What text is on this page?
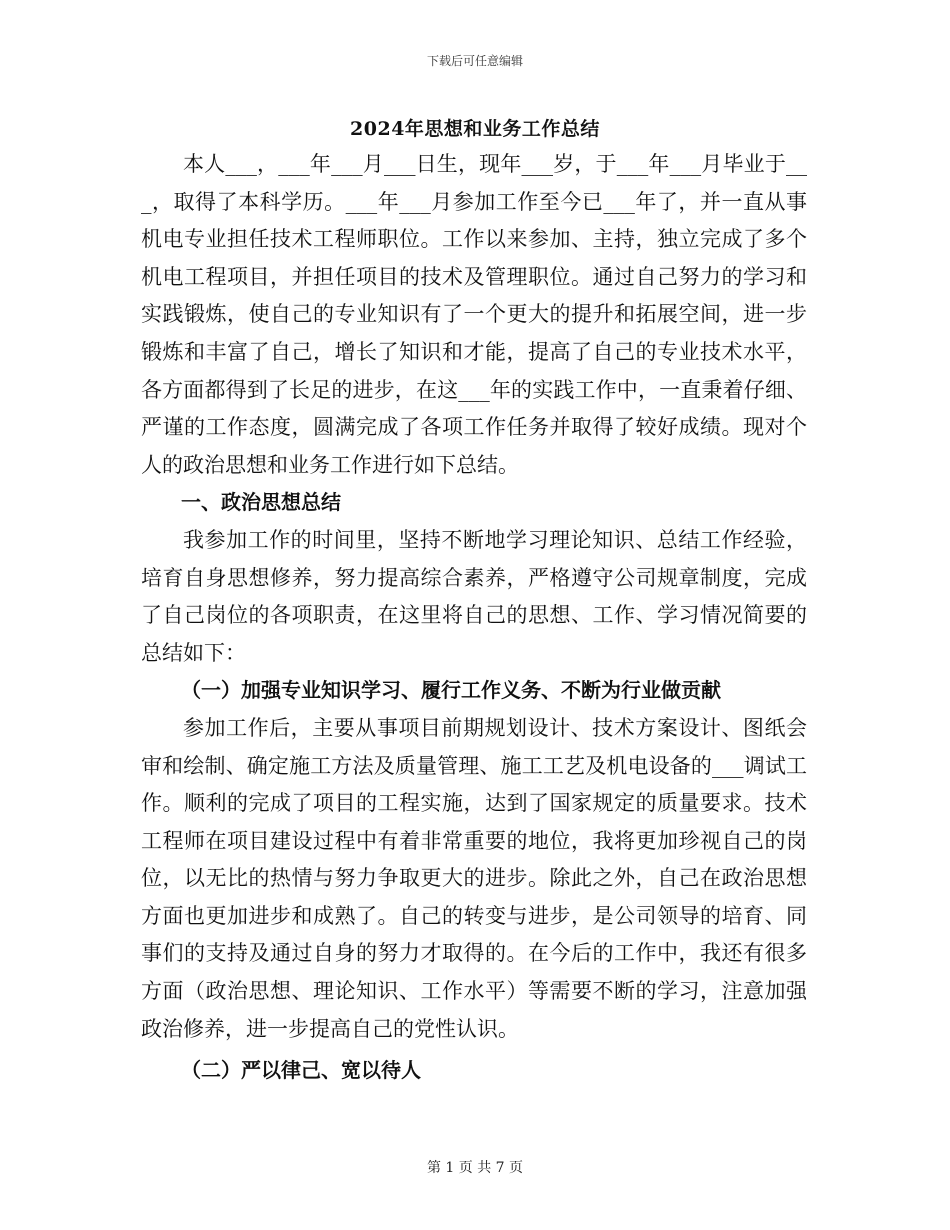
下载后可任意编辑
2024年思想和业务工作总结

本人___，___年___月___日生，现年___岁，于___年___月毕业于___，取得了本科学历。___年___月参加工作至今已___年了，并一直从事机电专业担任技术工程师职位。工作以来参加、主持，独立完成了多个机电工程项目，并担任项目的技术及管理职位。通过自己努力的学习和实践锻炼，使自己的专业知识有了一个更大的提升和拓展空间，进一步锻炼和丰富了自己，增长了知识和才能，提高了自己的专业技术水平，各方面都得到了长足的进步，在这___年的实践工作中，一直秉着仔细、严谨的工作态度，圆满完成了各项工作任务并取得了较好成绩。现对个人的政治思想和业务工作进行如下总结。

一、政治思想总结

我参加工作的时间里，坚持不断地学习理论知识、总结工作经验，培育自身思想修养，努力提高综合素养，严格遵守公司规章制度，完成了自己岗位的各项职责，在这里将自己的思想、工作、学习情况简要的总结如下：

（一）加强专业知识学习、履行工作义务、不断为行业做贡献

参加工作后，主要从事项目前期规划设计、技术方案设计、图纸会审和绘制、确定施工方法及质量管理、施工工艺及机电设备的___调试工作。顺利的完成了项目的工程实施，达到了国家规定的质量要求。技术工程师在项目建设过程中有着非常重要的地位，我将更加珍视自己的岗位，以无比的热情与努力争取更大的进步。除此之外，自己在政治思想方面也更加进步和成熟了。自己的转变与进步，是公司领导的培育、同事们的支持及通过自身的努力才取得的。在今后的工作中，我还有很多方面（政治思想、理论知识、工作水平）等需要不断的学习，注意加强政治修养，进一步提高自己的党性认识。

（二）严以律己、宽以待人

第 1 页 共 7 页
